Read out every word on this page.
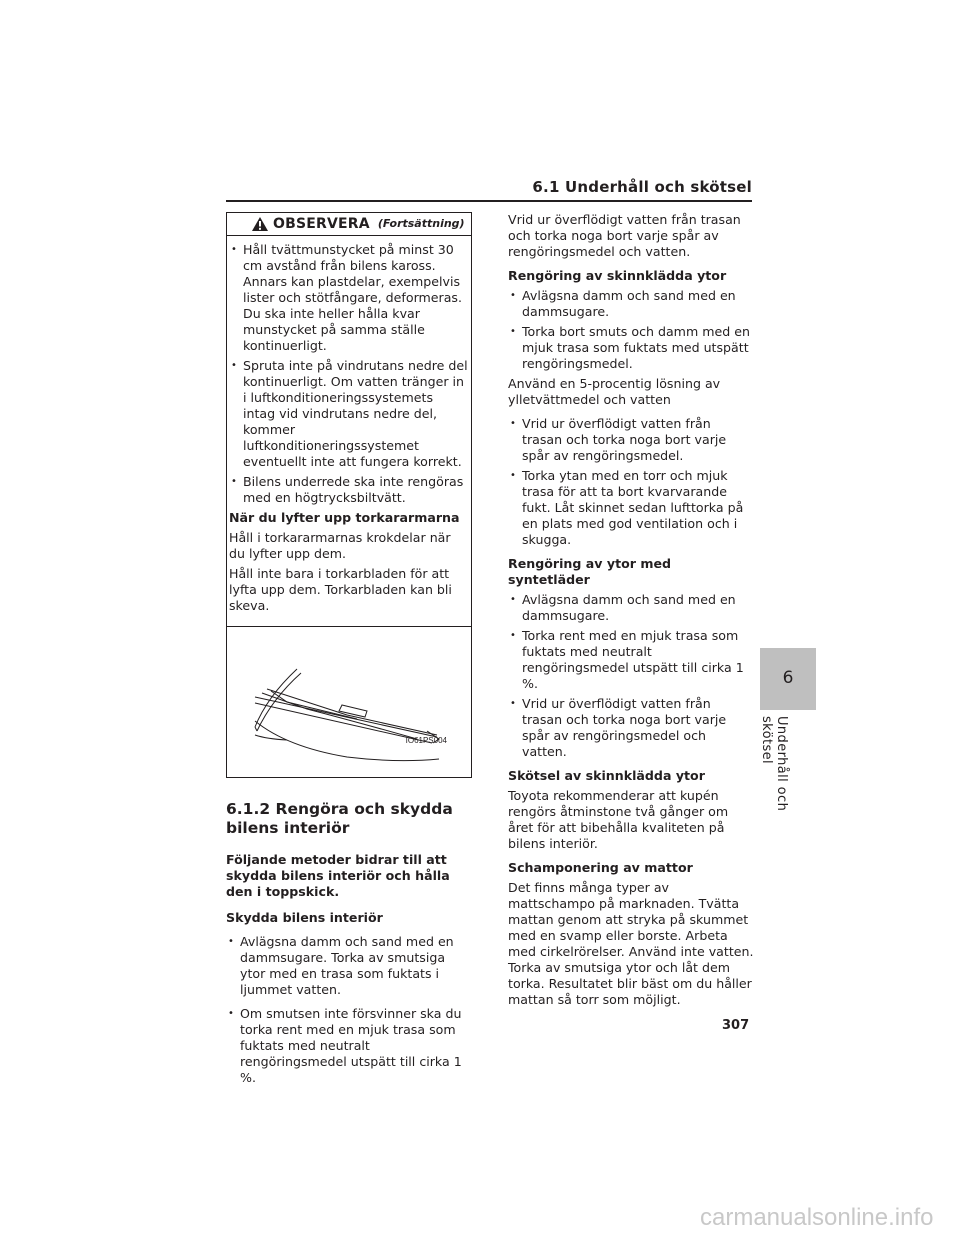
6.1 Underhåll och skötsel
OBSERVERA (Fortsättning)
• Håll tvättmunstycket på minst 30 cm avstånd från bilens kaross. Annars kan plastdelar, exempelvis lister och stötfångare, deformeras. Du ska inte heller hålla kvar munstycket på samma ställe kontinuerligt.
• Spruta inte på vindrutans nedre del kontinuerligt. Om vatten tränger in i luftkonditioneringssystemets intag vid vindrutans nedre del, kommer luftkonditioneringssystemet eventuellt inte att fungera korrekt.
• Bilens underrede ska inte rengöras med en högtrycksbiltvätt.
När du lyfter upp torkararmarna
Håll i torkararmarnas krokdelar när du lyfter upp dem.
Håll inte bara i torkarbladen för att lyfta upp dem. Torkarbladen kan bli skeva.
IO61PS004
6.1.2 Rengöra och skydda bilens interiör
Följande metoder bidrar till att skydda bilens interiör och hålla den i toppskick.
Skydda bilens interiör
• Avlägsna damm och sand med en dammsugare. Torka av smutsiga ytor med en trasa som fuktats i ljummet vatten.
• Om smutsen inte försvinner ska du torka rent med en mjuk trasa som fuktats med neutralt rengöringsmedel utspätt till cirka 1 %.
Vrid ur överflödigt vatten från trasan och torka noga bort varje spår av rengöringsmedel och vatten.
Rengöring av skinnklädda ytor
• Avlägsna damm och sand med en dammsugare.
• Torka bort smuts och damm med en mjuk trasa som fuktats med utspätt rengöringsmedel.
Använd en 5-procentig lösning av ylletvättmedel och vatten
• Vrid ur överflödigt vatten från trasan och torka noga bort varje spår av rengöringsmedel.
• Torka ytan med en torr och mjuk trasa för att ta bort kvarvarande fukt. Låt skinnet sedan lufttorka på en plats med god ventilation och i skugga.
Rengöring av ytor med syntetläder
• Avlägsna damm och sand med en dammsugare.
• Torka rent med en mjuk trasa som fuktats med neutralt rengöringsmedel utspätt till cirka 1 %.
• Vrid ur överflödigt vatten från trasan och torka noga bort varje spår av rengöringsmedel och vatten.
Skötsel av skinnklädda ytor
Toyota rekommenderar att kupén rengörs åtminstone två gånger om året för att bibehålla kvaliteten på bilens interiör.
Schamponering av mattor
Det finns många typer av mattschampo på marknaden. Tvätta mattan genom att stryka på skummet med en svamp eller borste. Arbeta med cirkelrörelser. Använd inte vatten. Torka av smutsiga ytor och låt dem torka. Resultatet blir bäst om du håller mattan så torr som möjligt.
6
Underhåll och skötsel
307
carmanualsonline.info
